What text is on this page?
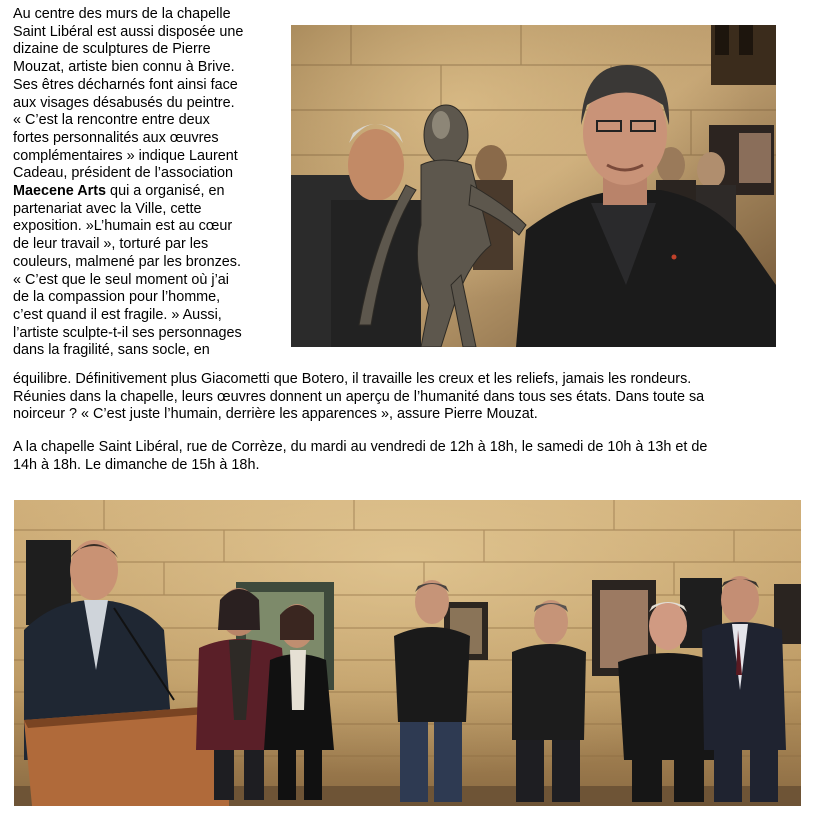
Au centre des murs de la chapelle
Saint Libéral est aussi disposée une
dizaine de sculptures de Pierre
Mouzat, artiste bien connu à Brive.
Ses êtres décharnés font ainsi face
aux visages désabusés du peintre.
« C’est la rencontre entre deux
fortes personnalités aux œuvres
complémentaires » indique Laurent
Cadeau, président de l’association
Maecene Arts qui a organisé, en
partenariat avec la Ville, cette
exposition. »L’humain est au cœur
de leur travail », torturé par les
couleurs, malmené par les bronzes.
« C’est que le seul moment où j’ai
de la compassion pour l’homme,
c’est quand il est fragile. » Aussi,
l’artiste sculpte-t-il ses personnages
dans la fragilité, sans socle, en
équilibre. Définitivement plus Giacometti que Botero, il travaille les creux et les reliefs, jamais les rondeurs.
Réunies dans la chapelle, leurs œuvres donnent un aperçu de l’humanité dans tous ses états. Dans toute sa
noirceur ? « C’est juste l’humain, derrière les apparences », assure Pierre Mouzat.
A la chapelle Saint Libéral, rue de Corrèze, du mardi au vendredi de 12h à 18h, le samedi de 10h à 13h et de
14h à 18h. Le dimanche de 15h à 18h.
